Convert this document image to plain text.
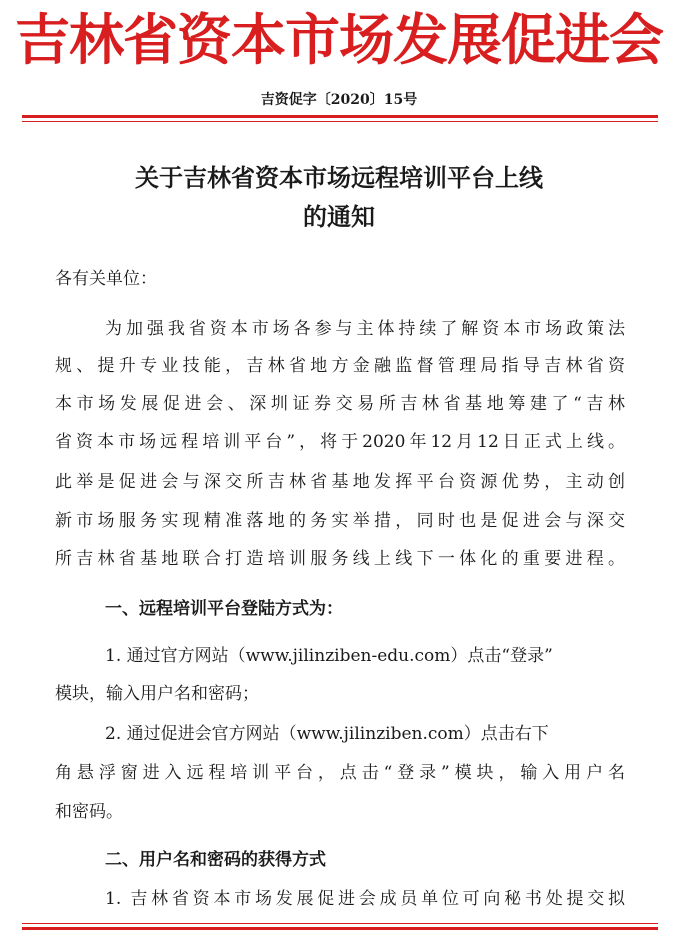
吉林省资本市场发展促进会
吉资促字〔2020〕15号
关于吉林省资本市场远程培训平台上线
的通知
各有关单位：
为加强我省资本市场各参与主体持续了解资本市场政策法
规、提升专业技能，吉林省地方金融监督管理局指导吉林省资
本市场发展促进会、深圳证券交易所吉林省基地筹建了“吉林
省资本市场远程培训平台”，将于2020年12月12日正式上线。
此举是促进会与深交所吉林省基地发挥平台资源优势，主动创
新市场服务实现精准落地的务实举措，同时也是促进会与深交
所吉林省基地联合打造培训服务线上线下一体化的重要进程。
一、远程培训平台登陆方式为：
1. 通过官方网站（www.jilinziben-edu.com）点击“登录”
模块，输入用户名和密码；
2. 通过促进会官方网站（www.jilinziben.com）点击右下
角悬浮窗进入远程培训平台，点击“登录”模块，输入用户名
和密码。
二、用户名和密码的获得方式
1. 吉林省资本市场发展促进会成员单位可向秘书处提交拟
